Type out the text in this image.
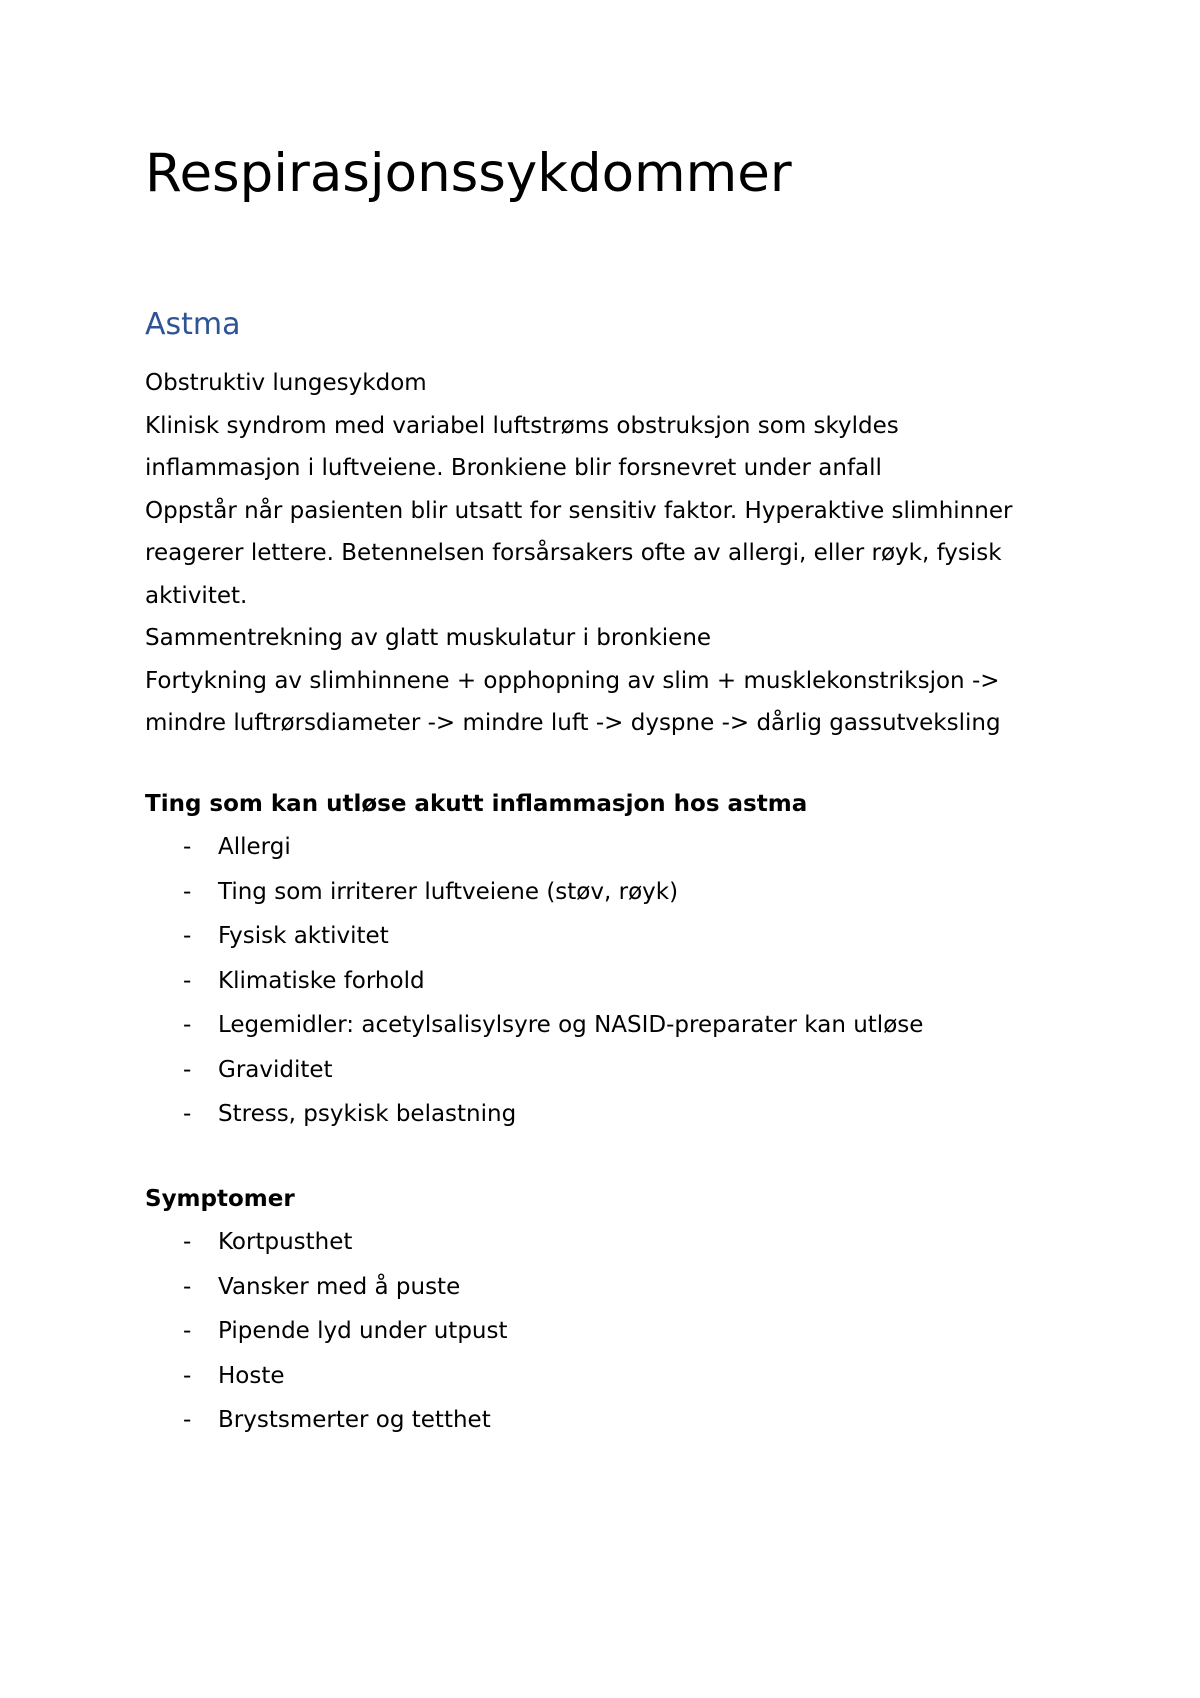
Respirasjonssykdommer
Astma

Obstruktiv lungesykdom

Klinisk syndrom med variabel luftstrøms obstruksjon som skyldes

inflammasjon i luftveiene. Bronkiene blir forsnevret under anfall

Oppstår når pasienten blir utsatt for sensitiv faktor. Hyperaktive slimhinner

reagerer lettere. Betennelsen forsårsakers ofte av allergi, eller røyk, fysisk

aktivitet.

Sammentrekning av glatt muskulatur i bronkiene

Fortykning av slimhinnene + opphopning av slim + musklekonstriksjon ->

mindre luftrørsdiameter -> mindre luft -> dyspne -> dårlig gassutveksling

Ting som kan utløse akutt inflammasjon hos astma
- Allergi
- Ting som irriterer luftveiene (støv, røyk)
- Fysisk aktivitet
- Klimatiske forhold
- Legemidler: acetylsalisylsyre og NASID-preparater kan utløse
- Graviditet
- Stress, psykisk belastning
Symptomer
- Kortpusthet
- Vansker med å puste
- Pipende lyd under utpust
- Hoste
- Brystsmerter og tetthet
